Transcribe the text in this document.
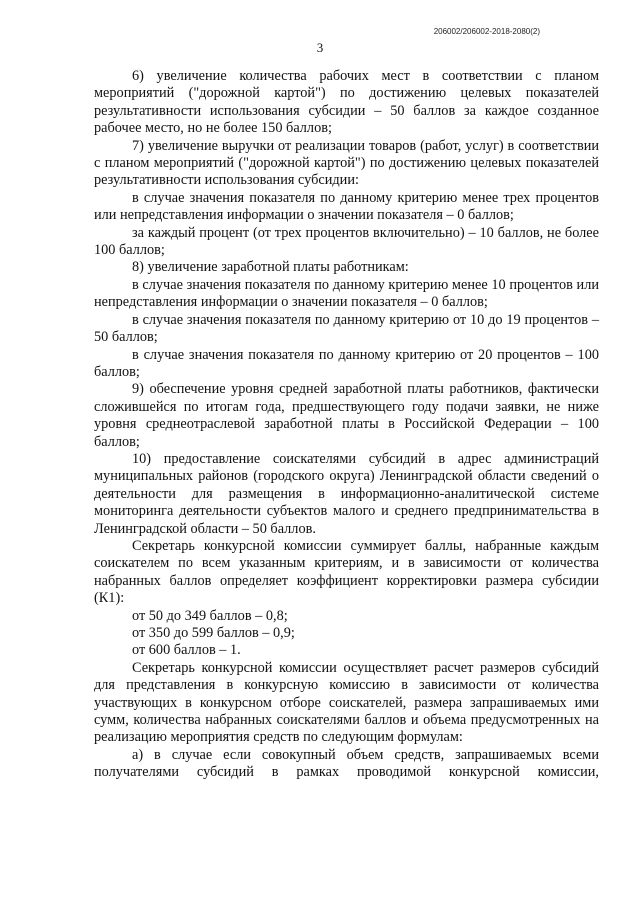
206002/206002-2018-2080(2)
3

6) увеличение количества рабочих мест в соответствии с планом мероприятий ("дорожной картой") по достижению целевых показателей результативности использования субсидии – 50 баллов за каждое созданное рабочее место, но не более 150 баллов;

7) увеличение выручки от реализации товаров (работ, услуг) в соответствии с планом мероприятий ("дорожной картой") по достижению целевых показателей результативности использования субсидии:

в случае значения показателя по данному критерию менее трех процентов или непредставления информации о значении показателя – 0 баллов;

за каждый процент (от трех процентов включительно) – 10 баллов, не более 100 баллов;

8) увеличение заработной платы работникам:

в случае значения показателя по данному критерию менее 10 процентов или непредставления информации о значении показателя – 0 баллов;

в случае значения показателя по данному критерию от 10 до 19 процентов – 50 баллов;

в случае значения показателя по данному критерию от 20 процентов – 100 баллов;

9) обеспечение уровня средней заработной платы работников, фактически сложившейся по итогам года, предшествующего году подачи заявки, не ниже уровня среднеотраслевой заработной платы в Российской Федерации – 100 баллов;

10) предоставление соискателями субсидий в адрес администраций муниципальных районов (городского округа) Ленинградской области сведений о деятельности для размещения в информационно-аналитической системе мониторинга деятельности субъектов малого и среднего предпринимательства в Ленинградской области – 50 баллов.

Секретарь конкурсной комиссии суммирует баллы, набранные каждым соискателем по всем указанным критериям, и в зависимости от количества набранных баллов определяет коэффициент корректировки размера субсидии (К1):

от 50 до 349 баллов – 0,8;

от 350 до 599 баллов – 0,9;

от 600 баллов – 1.

Секретарь конкурсной комиссии осуществляет расчет размеров субсидий для представления в конкурсную комиссию в зависимости от количества участвующих в конкурсном отборе соискателей, размера запрашиваемых ими сумм, количества набранных соискателями баллов и объема предусмотренных на реализацию мероприятия средств по следующим формулам:

а) в случае если совокупный объем средств, запрашиваемых всеми получателями субсидий в рамках проводимой конкурсной комиссии,
